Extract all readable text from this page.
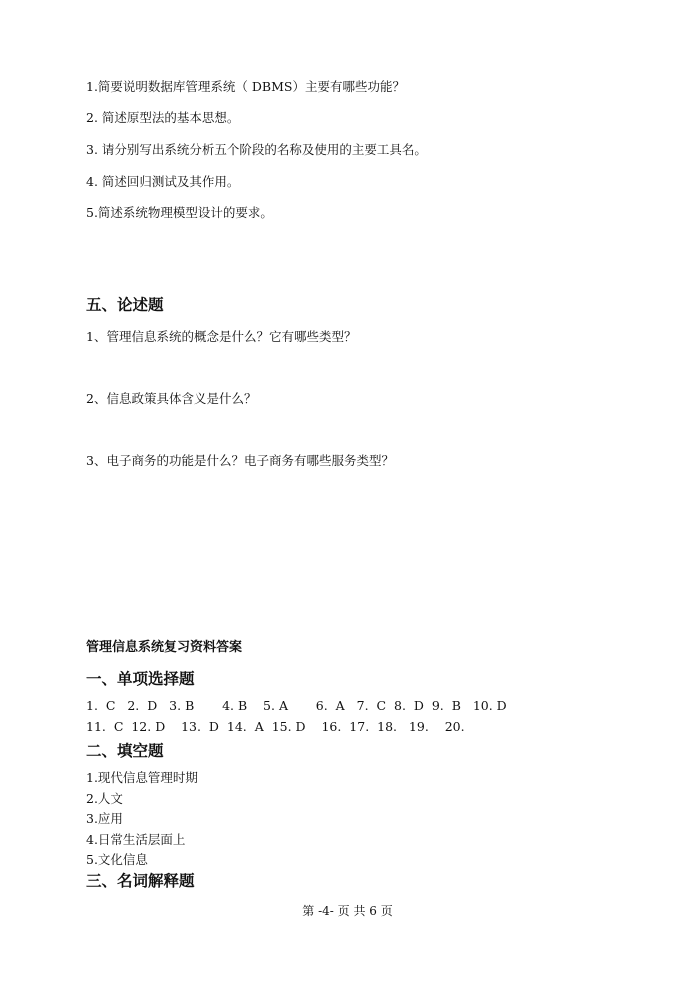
1.简要说明数据库管理系统（ DBMS）主要有哪些功能？
2. 简述原型法的基本思想。
3. 请分别写出系统分析五个阶段的名称及使用的主要工具名。
4. 简述回归测试及其作用。
5.简述系统物理模型设计的要求。
五、论述题
1、管理信息系统的概念是什么？它有哪些类型？
2、信息政策具体含义是什么？
3、电子商务的功能是什么？电子商务有哪些服务类型？
管理信息系统复习资料答案
一、单项选择题
1.  C   2.  D   3. B       4. B    5. A       6.  A   7.  C  8.  D  9.  B   10. D
11.  C  12. D    13.  D  14.  A  15. D    16.  17.  18.   19.    20.
二、填空题
1.现代信息管理时期
2.人文
3.应用
4.日常生活层面上
5.文化信息
三、名词解释题
第 -4- 页 共 6 页
